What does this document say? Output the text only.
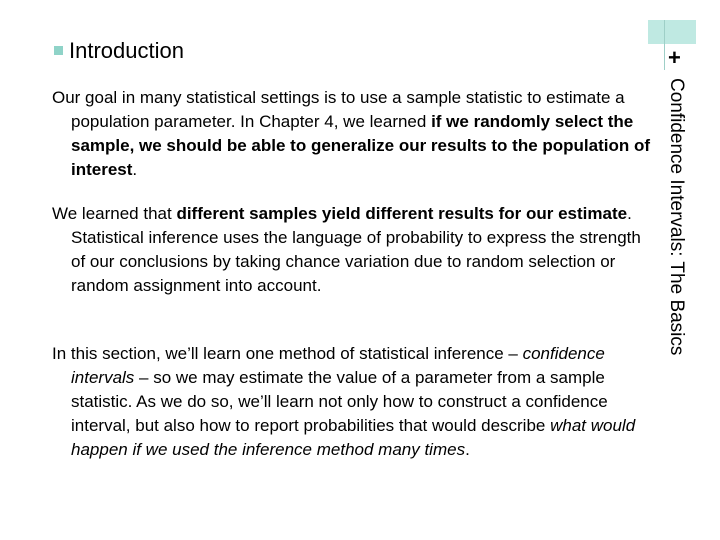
+
Introduction
Confidence Intervals: The Basics
Our goal in many statistical settings is to use a sample statistic to estimate a population parameter. In Chapter 4, we learned if we randomly select the sample, we should be able to generalize our results to the population of interest.
We learned that different samples yield different results for our estimate. Statistical inference uses the language of probability to express the strength of our conclusions by taking chance variation due to random selection or random assignment into account.
In this section, we’ll learn one method of statistical inference – confidence intervals – so we may estimate the value of a parameter from a sample statistic. As we do so, we’ll learn not only how to construct a confidence interval, but also how to report probabilities that would describe what would happen if we used the inference method many times.
